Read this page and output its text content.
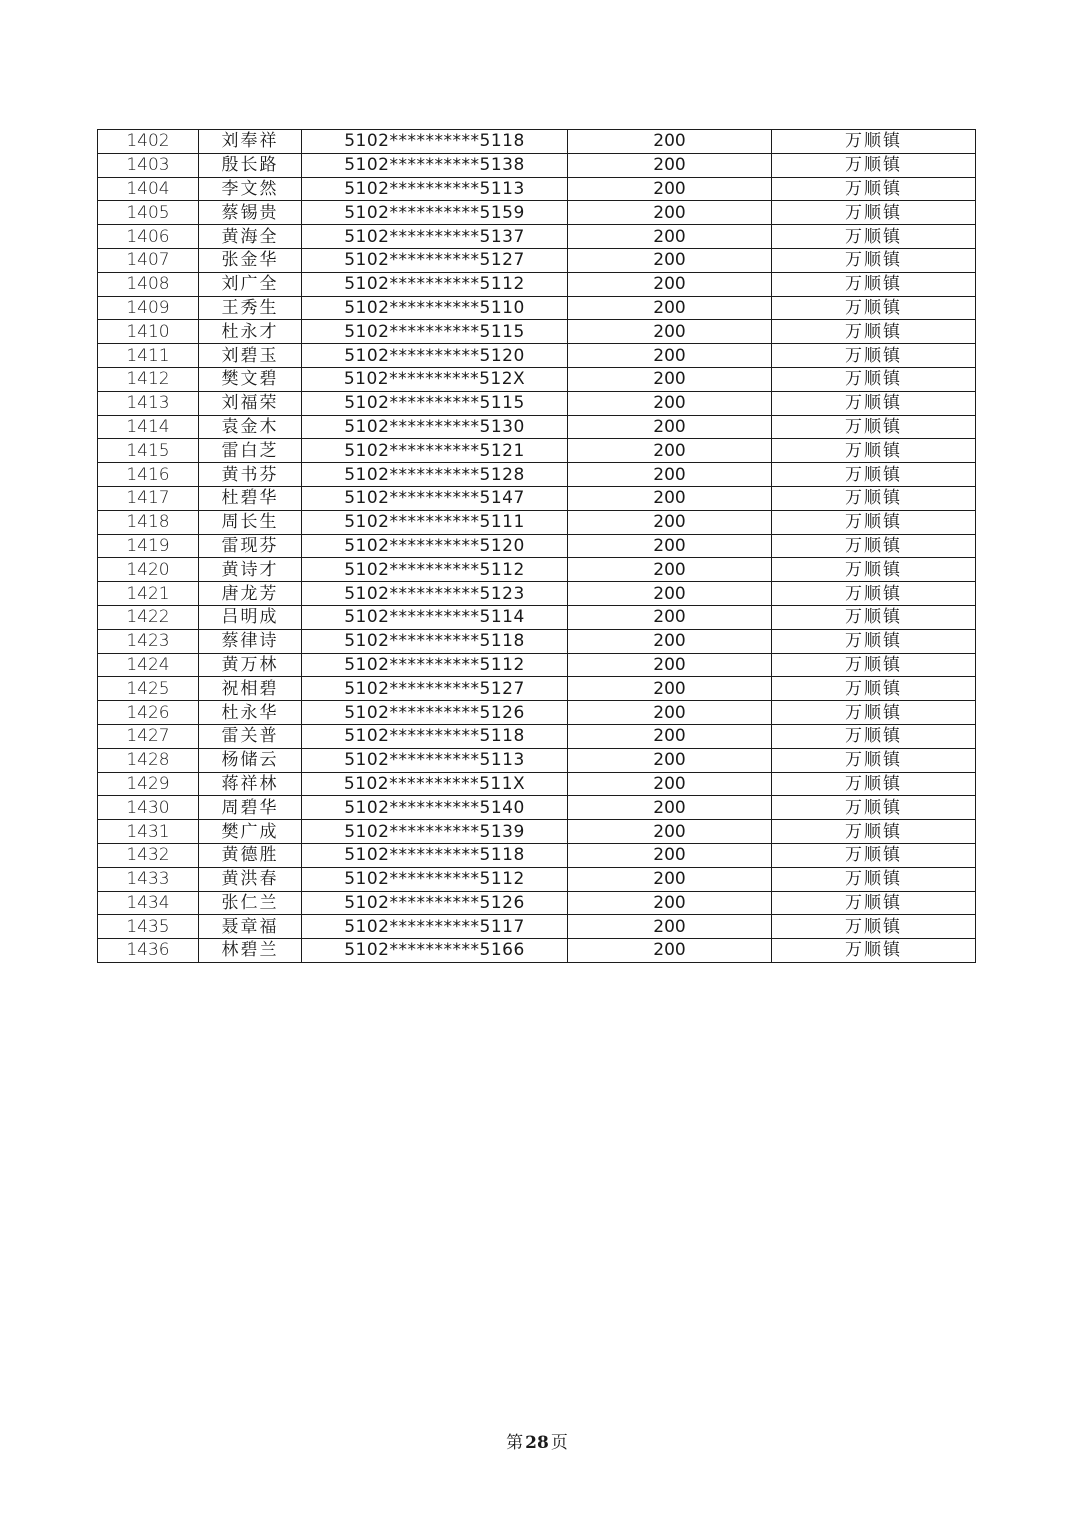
1402	刘奉祥	5102**********5118	200	万顺镇
1403	殷长路	5102**********5138	200	万顺镇
1404	李文然	5102**********5113	200	万顺镇
1405	蔡锡贵	5102**********5159	200	万顺镇
1406	黄海全	5102**********5137	200	万顺镇
1407	张金华	5102**********5127	200	万顺镇
1408	刘广全	5102**********5112	200	万顺镇
1409	王秀生	5102**********5110	200	万顺镇
1410	杜永才	5102**********5115	200	万顺镇
1411	刘碧玉	5102**********5120	200	万顺镇
1412	樊文碧	5102**********512X	200	万顺镇
1413	刘福荣	5102**********5115	200	万顺镇
1414	袁金木	5102**********5130	200	万顺镇
1415	雷白芝	5102**********5121	200	万顺镇
1416	黄书芬	5102**********5128	200	万顺镇
1417	杜碧华	5102**********5147	200	万顺镇
1418	周长生	5102**********5111	200	万顺镇
1419	雷现芬	5102**********5120	200	万顺镇
1420	黄诗才	5102**********5112	200	万顺镇
1421	唐龙芳	5102**********5123	200	万顺镇
1422	吕明成	5102**********5114	200	万顺镇
1423	蔡律诗	5102**********5118	200	万顺镇
1424	黄万林	5102**********5112	200	万顺镇
1425	祝相碧	5102**********5127	200	万顺镇
1426	杜永华	5102**********5126	200	万顺镇
1427	雷关普	5102**********5118	200	万顺镇
1428	杨储云	5102**********5113	200	万顺镇
1429	蒋祥林	5102**********511X	200	万顺镇
1430	周碧华	5102**********5140	200	万顺镇
1431	樊广成	5102**********5139	200	万顺镇
1432	黄德胜	5102**********5118	200	万顺镇
1433	黄洪春	5102**********5112	200	万顺镇
1434	张仁兰	5102**********5126	200	万顺镇
1435	聂章福	5102**********5117	200	万顺镇
1436	林碧兰	5102**********5166	200	万顺镇
第 28 页
